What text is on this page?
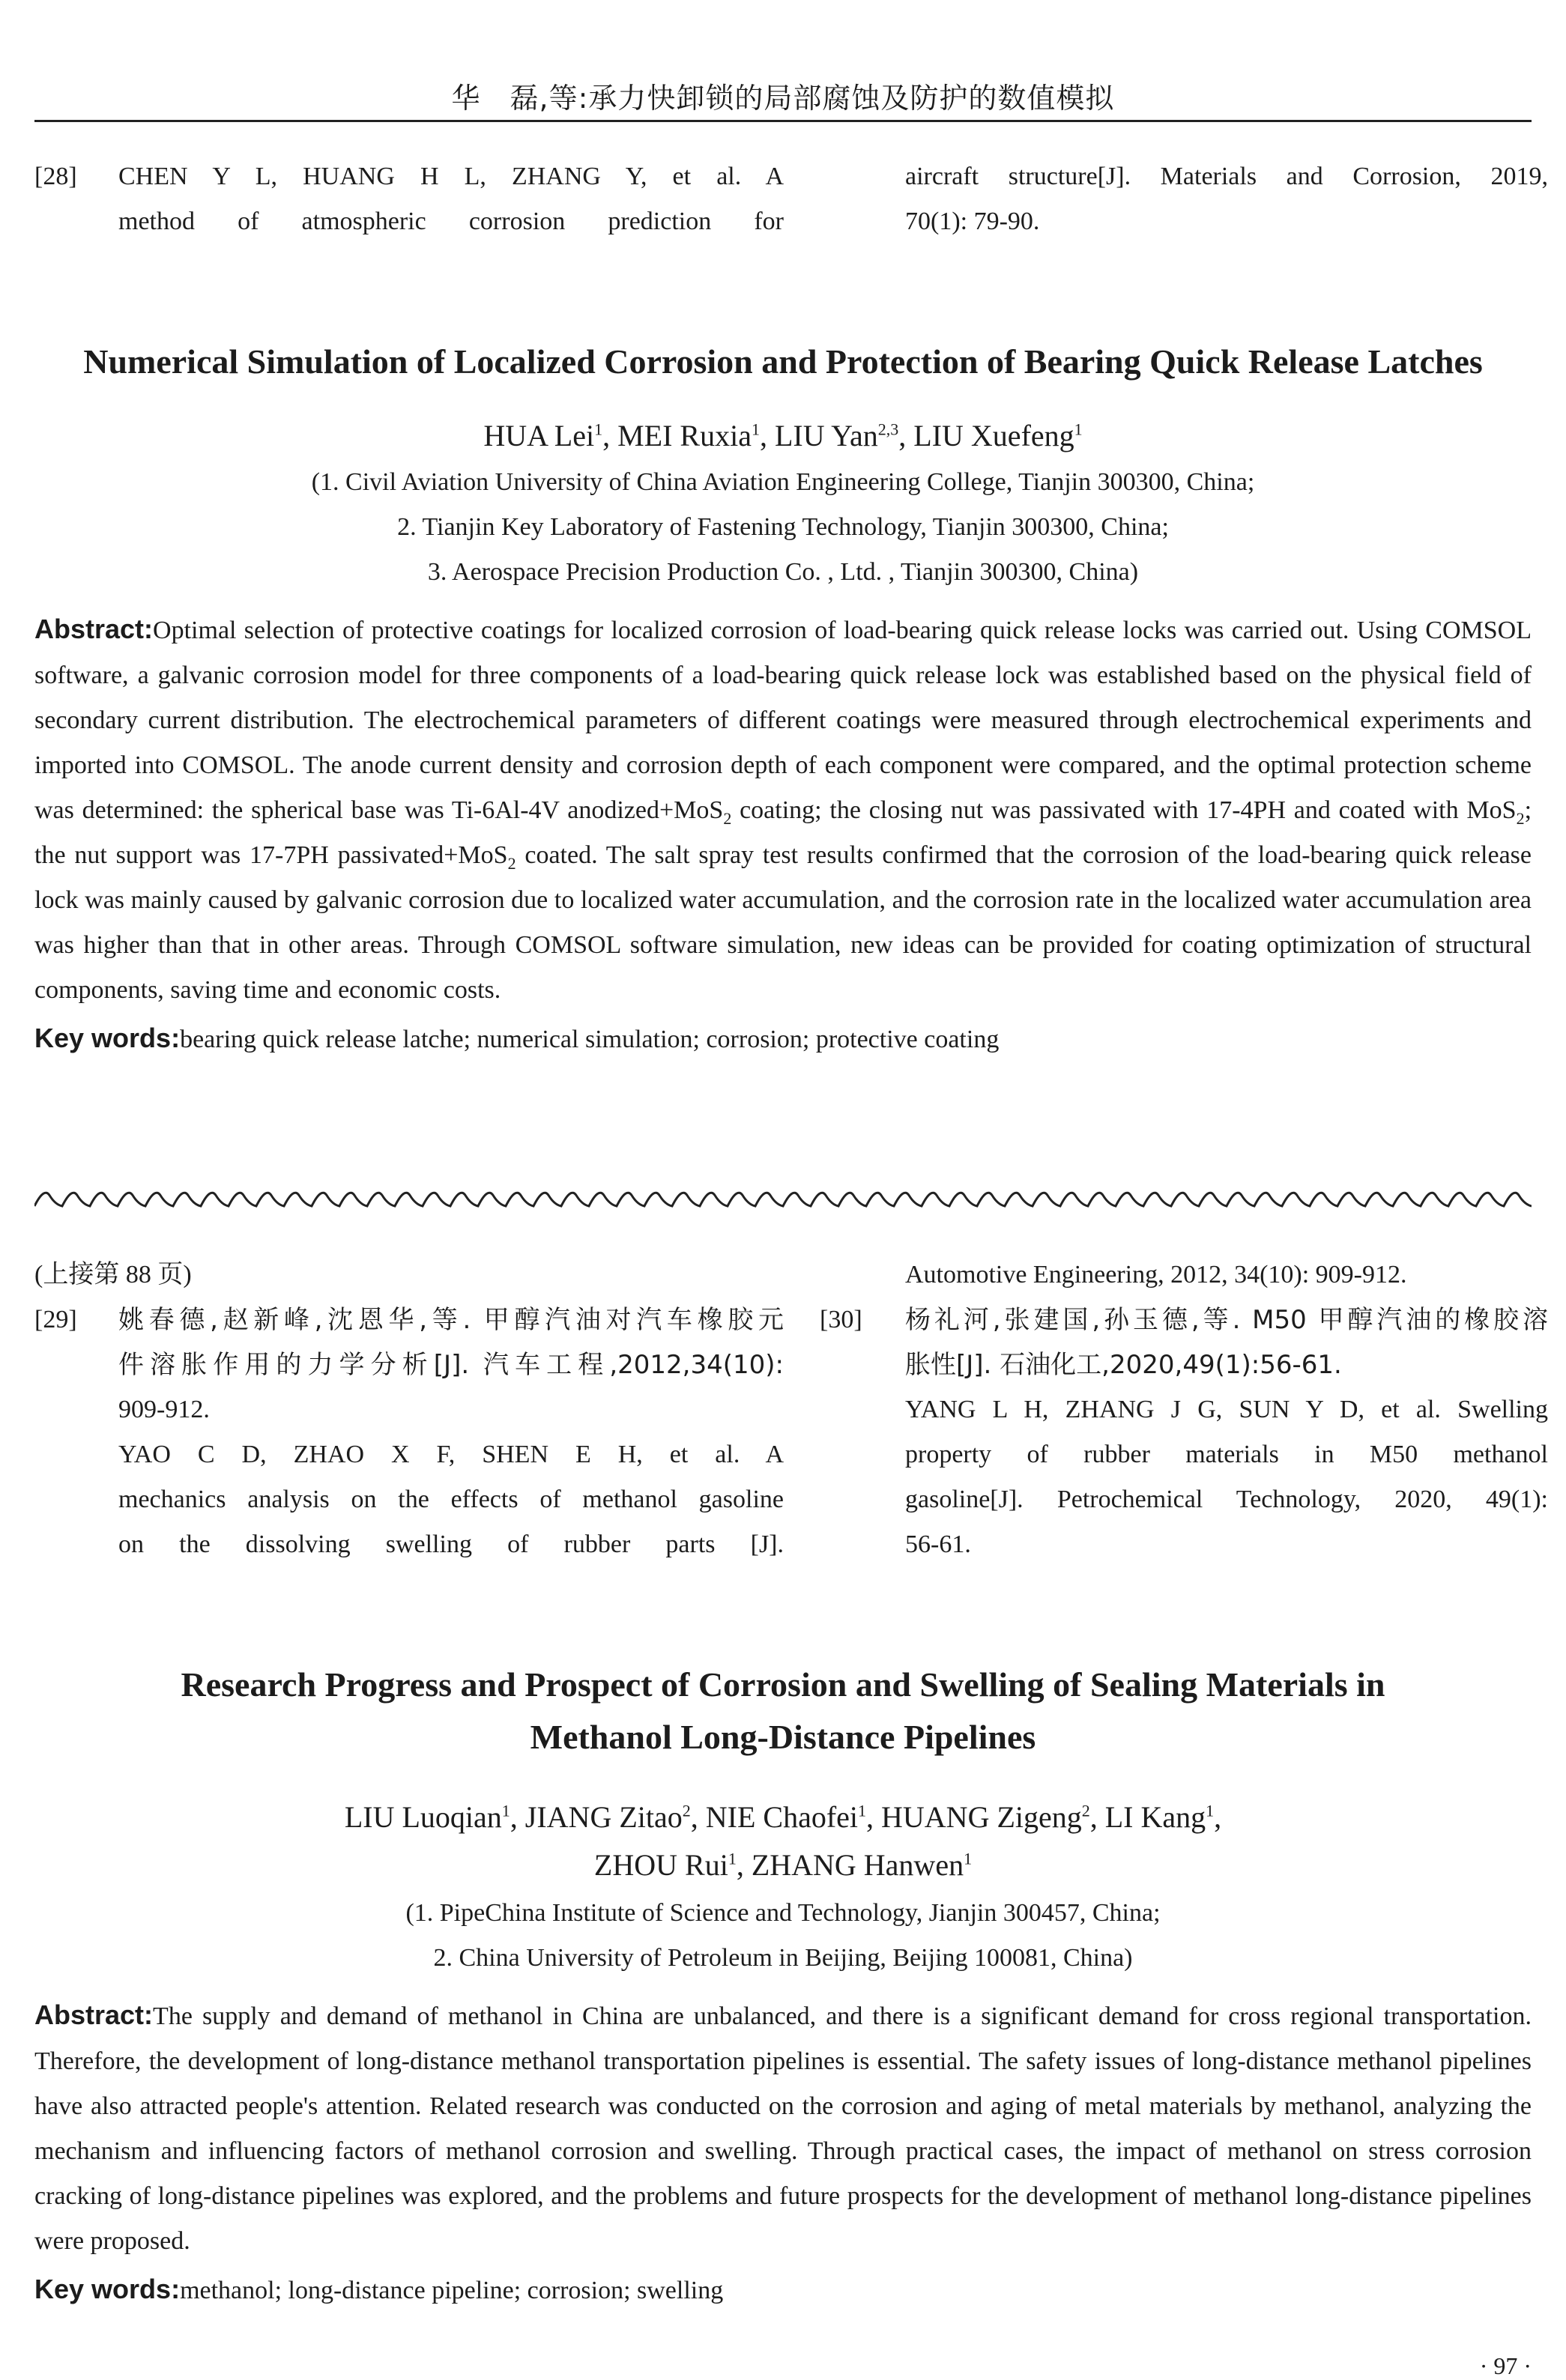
华　磊,等:承力快卸锁的局部腐蚀及防护的数值模拟
[28] CHEN Y L, HUANG H L, ZHANG Y, et al. A
method of atmospheric corrosion prediction for
aircraft structure[J]. Materials and Corrosion, 2019,
70(1): 79-90.
Numerical Simulation of Localized Corrosion and Protection of Bearing Quick Release Latches
HUA Lei$^1$, MEI Ruxia$^1$, LIU Yan$^{2,3}$, LIU Xuefeng$^1$
(1. Civil Aviation University of China Aviation Engineering College, Tianjin 300300, China;
2. Tianjin Key Laboratory of Fastening Technology, Tianjin 300300, China;
3. Aerospace Precision Production Co. , Ltd. , Tianjin 300300, China)
Abstract:Optimal selection of protective coatings for localized corrosion of load-bearing quick release locks was carried out. Using COMSOL software, a galvanic corrosion model for three components of a load-bearing quick release lock was established based on the physical field of secondary current distribution. The electrochemical parameters of different coatings were measured through electrochemical experiments and imported into COMSOL. The anode current density and corrosion depth of each component were compared, and the optimal protection scheme was determined: the spherical base was Ti-6Al-4V anodized+MoS$_2$ coating; the closing nut was passivated with 17-4PH and coated with MoS$_2$; the nut support was 17-7PH passivated+MoS$_2$ coated. The salt spray test results confirmed that the corrosion of the load-bearing quick release lock was mainly caused by galvanic corrosion due to localized water accumulation, and the corrosion rate in the localized water accumulation area was higher than that in other areas. Through COMSOL software simulation, new ideas can be provided for coating optimization of structural components, saving time and economic costs.
Key words:bearing quick release latche; numerical simulation; corrosion; protective coating
(上接第 88 页)
[29] 姚春德,赵新峰,沈恩华,等. 甲醇汽油对汽车橡胶元
件溶胀作用的力学分析[J]. 汽车工程,2012,34(10):
909-912.
YAO C D, ZHAO X F, SHEN E H, et al. A
mechanics analysis on the effects of methanol gasoline
on the dissolving swelling of rubber parts [J].
Automotive Engineering, 2012, 34(10): 909-912.
[30] 杨礼河,张建国,孙玉德,等. M50 甲醇汽油的橡胶溶
胀性[J]. 石油化工,2020,49(1):56-61.
YANG L H, ZHANG J G, SUN Y D, et al. Swelling
property of rubber materials in M50 methanol
gasoline[J]. Petrochemical Technology, 2020, 49(1):
56-61.
Research Progress and Prospect of Corrosion and Swelling of Sealing Materials in
Methanol Long-Distance Pipelines
LIU Luoqian$^1$, JIANG Zitao$^2$, NIE Chaofei$^1$, HUANG Zigeng$^2$, LI Kang$^1$,
ZHOU Rui$^1$, ZHANG Hanwen$^1$
(1. PipeChina Institute of Science and Technology, Jianjin 300457, China;
2. China University of Petroleum in Beijing, Beijing 100081, China)
Abstract:The supply and demand of methanol in China are unbalanced, and there is a significant demand for cross regional transportation. Therefore, the development of long-distance methanol transportation pipelines is essential. The safety issues of long-distance methanol pipelines have also attracted people's attention. Related research was conducted on the corrosion and aging of metal materials by methanol, analyzing the mechanism and influencing factors of methanol corrosion and swelling. Through practical cases, the impact of methanol on stress corrosion cracking of long-distance pipelines was explored, and the problems and future prospects for the development of methanol long-distance pipelines were proposed.
Key words:methanol; long-distance pipeline; corrosion; swelling
· 97 ·
